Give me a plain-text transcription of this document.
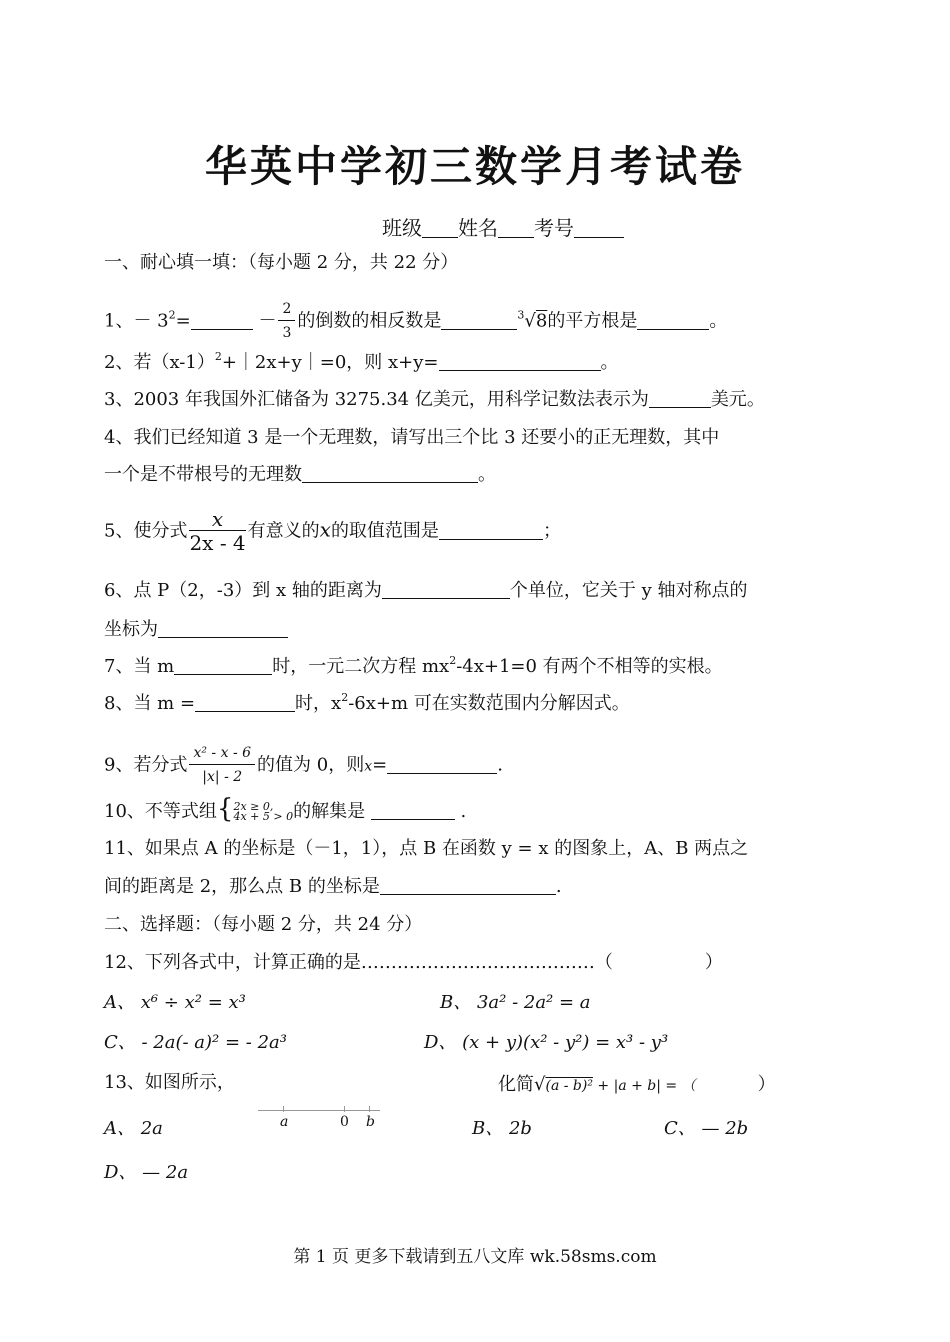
华英中学初三数学月考试卷
班级 姓名 考号
一、耐心填一填：（每小题 2 分，共 22 分）
1、－ $3^2=$	－ $\frac{2}{3}$ 的倒数的相反数是	$^3$√8的平方根是	。
2、若$(x-1)^2+|2x+y|=0$，则 x+y=	。
3、2003 年我国外汇储备为 3275.34 亿美元，用科学记数法表示为	美元。
4、我们已经知道 3 是一个无理数，请写出三个比 3 还要小的正无理数，其中
一个是不带根号的无理数	。
5、使分式 $\frac{x}{2x - 4}$ 有意义的x的取值范围是	；
6、点 P（2，-3）到 x 轴的距离为	个单位，它关于 y 轴对称点的
坐标为
7、当 m	时，一元二次方程 $mx^2-4x+1=0$ 有两个不相等的实根。
8、当 m =	时，$x^2-6x+m$ 可在实数范围内分解因式。
9、若分式 $\frac{\text{x² - x - 6}}{|x| - 2}$ 的值为 0，则x=	.
10、不等式组{ 2x ≥ 0,
4x + 5 > 0 的解集是	.
11、如果点 A 的坐标是（－1，1），点 B 在函数 y = x 的图象上，A、B 两点之
间的距离是 2，那么点 B 的坐标是	.
二、选择题：（每小题 2 分，共 24 分）
12、下列各式中，计算正确的是…………………………………（	）
A、 x⁶ ÷ x² = x³	B、 3a² - 2a² = a
C、 - 2a(- a)² = - 2a³	D、 (x + y)(x² - y²) = x³ - y³
13、如图所示，	化简√(a - b)² + |a + b| = （	）
a	0 b
A、 2a	B、 2b	C、 — 2b
D、 — 2a
第 1 页 更多下载请到五八文库 wk.58sms.com
